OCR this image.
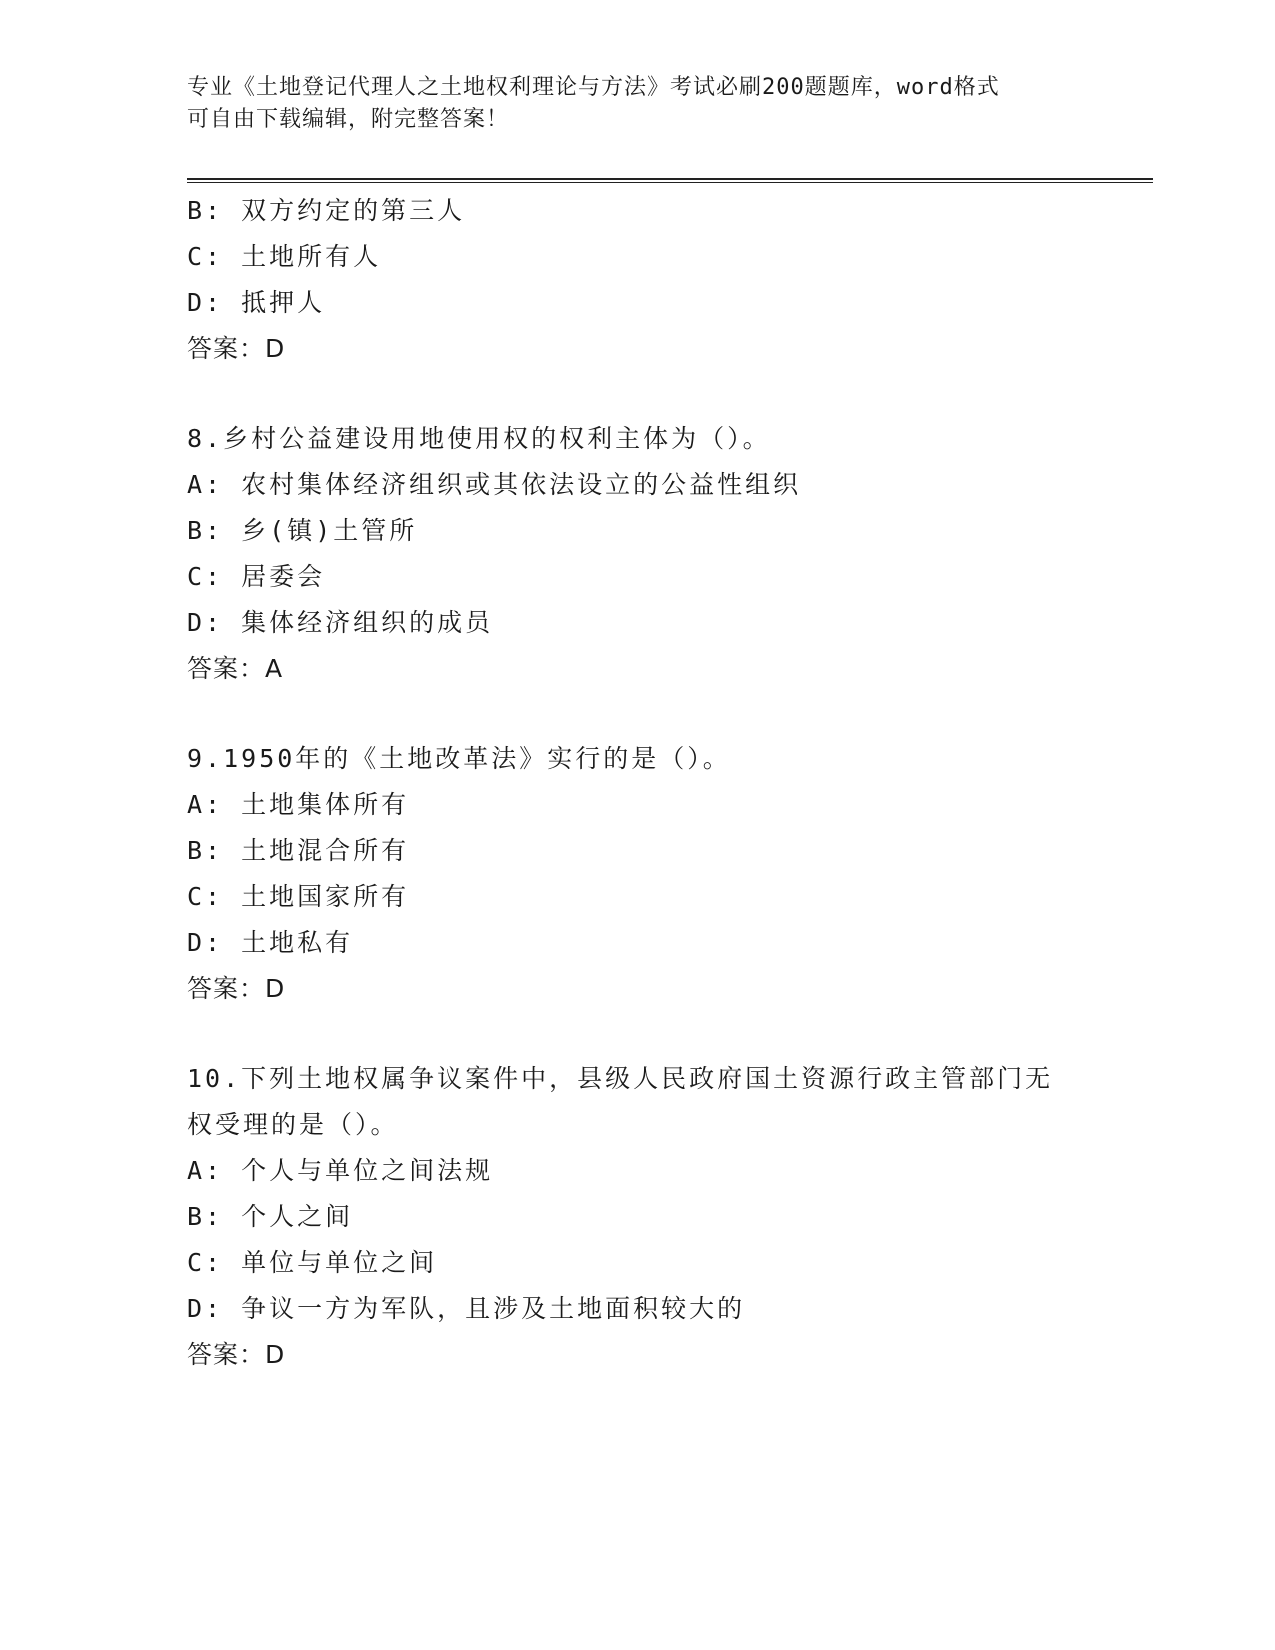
专业《土地登记代理人之土地权利理论与方法》考试必刷200题题库，word格式
可自由下载编辑，附完整答案！
B: 双方约定的第三人
C: 土地所有人
D: 抵押人
答案：D
8.乡村公益建设用地使用权的权利主体为（）。
A: 农村集体经济组织或其依法设立的公益性组织
B: 乡(镇)土管所
C: 居委会
D: 集体经济组织的成员
答案：A
9.1950年的《土地改革法》实行的是（）。
A: 土地集体所有
B: 土地混合所有
C: 土地国家所有
D: 土地私有
答案：D
10.下列土地权属争议案件中，县级人民政府国土资源行政主管部门无
权受理的是（）。
A: 个人与单位之间法规
B: 个人之间
C: 单位与单位之间
D: 争议一方为军队，且涉及土地面积较大的
答案：D
